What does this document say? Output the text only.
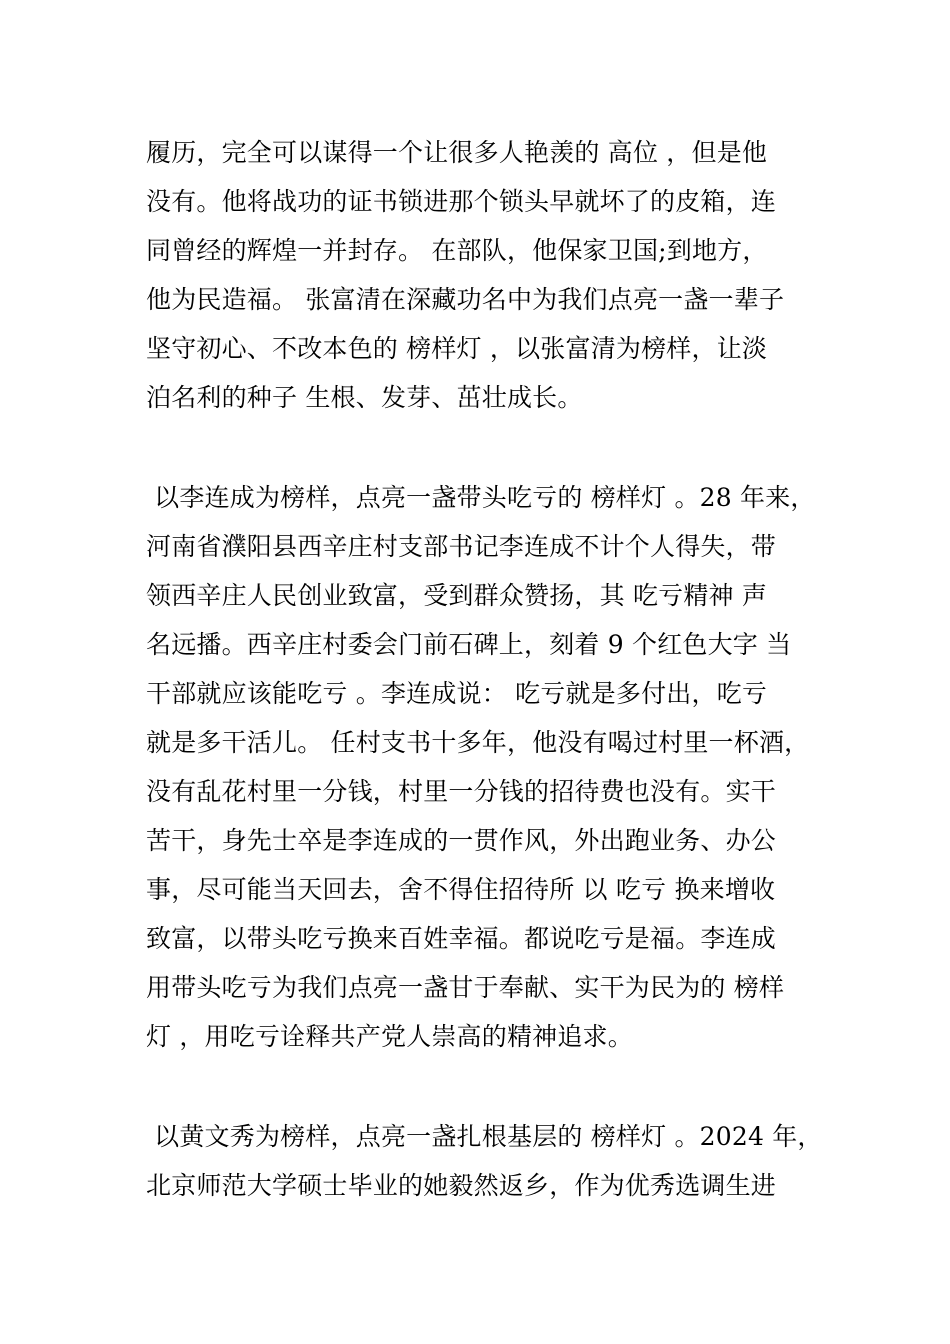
履历，完全可以谋得一个让很多人艳羡的 高位 ，但是他
没有。他将战功的证书锁进那个锁头早就坏了的皮箱，连
同曾经的辉煌一并封存。 在部队，他保家卫国;到地方，
他为民造福。 张富清在深藏功名中为我们点亮一盏一辈子
坚守初心、不改本色的 榜样灯 ，以张富清为榜样，让淡
泊名利的种子 生根、发芽、茁壮成长。
以李连成为榜样，点亮一盏带头吃亏的 榜样灯 。28 年来，
河南省濮阳县西辛庄村支部书记李连成不计个人得失，带
领西辛庄人民创业致富，受到群众赞扬，其 吃亏精神 声
名远播。西辛庄村委会门前石碑上，刻着 9 个红色大字 当
干部就应该能吃亏 。李连成说： 吃亏就是多付出，吃亏
就是多干活儿。 任村支书十多年，他没有喝过村里一杯酒，
没有乱花村里一分钱，村里一分钱的招待费也没有。实干
苦干，身先士卒是李连成的一贯作风，外出跑业务、办公
事，尽可能当天回去，舍不得住招待所 以 吃亏 换来增收
致富，以带头吃亏换来百姓幸福。都说吃亏是福。李连成
用带头吃亏为我们点亮一盏甘于奉献、实干为民为的 榜样
灯 ，用吃亏诠释共产党人崇高的精神追求。
以黄文秀为榜样，点亮一盏扎根基层的 榜样灯 。2024 年，
北京师范大学硕士毕业的她毅然返乡，作为优秀选调生进
